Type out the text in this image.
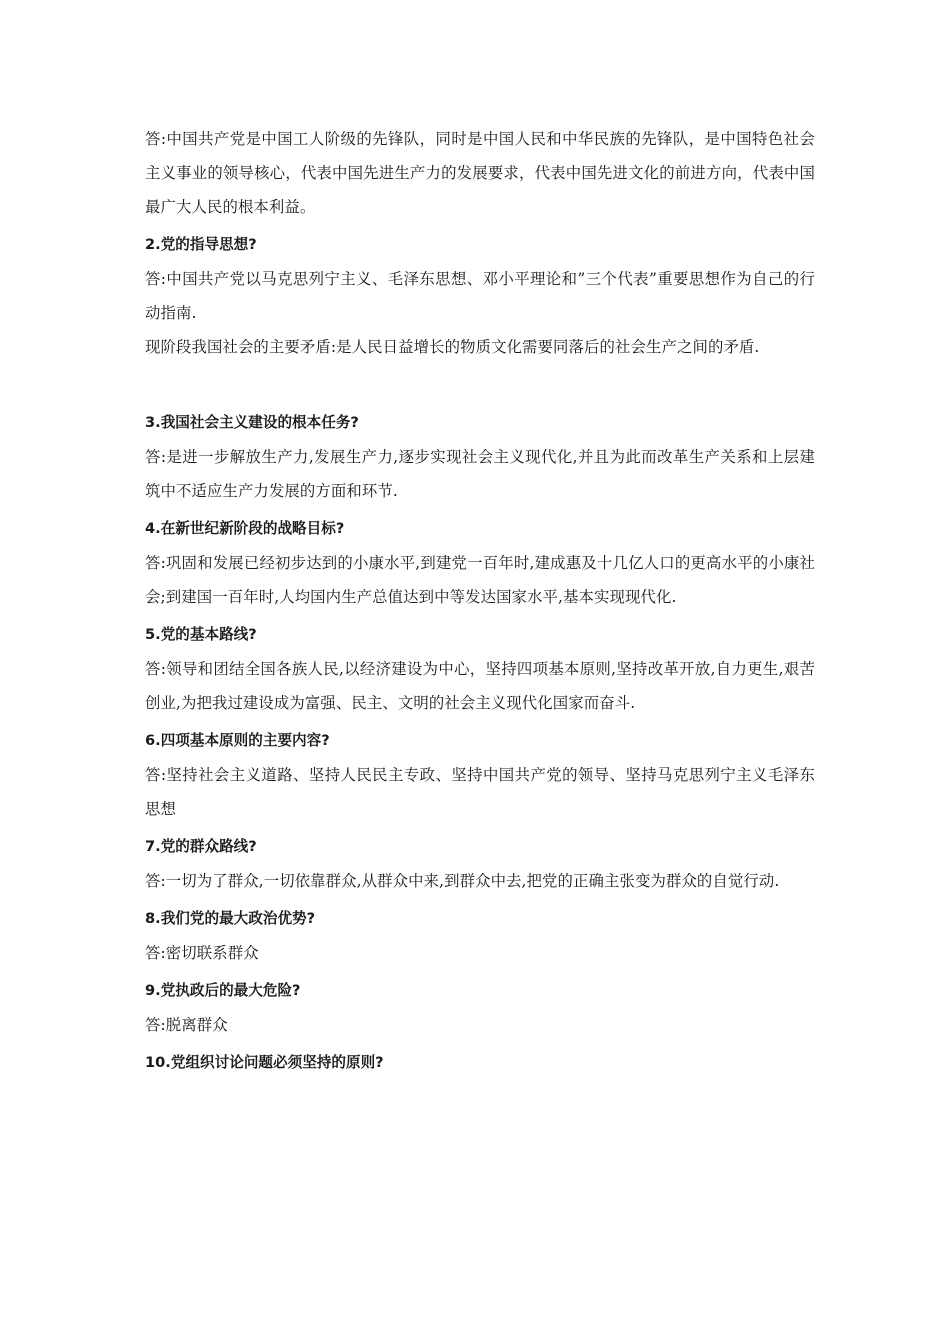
答:中国共产党是中国工人阶级的先锋队，同时是中国人民和中华民族的先锋队，是中国特色社会主义事业的领导核心，代表中国先进生产力的发展要求，代表中国先进文化的前进方向，代表中国最广大人民的根本利益。

2.党的指导思想?

答:中国共产党以马克思列宁主义、毛泽东思想、邓小平理论和”三个代表”重要思想作为自己的行动指南.

现阶段我国社会的主要矛盾:是人民日益增长的物质文化需要同落后的社会生产之间的矛盾.

3.我国社会主义建设的根本任务?

答:是进一步解放生产力,发展生产力,逐步实现社会主义现代化,并且为此而改革生产关系和上层建筑中不适应生产力发展的方面和环节.

4.在新世纪新阶段的战略目标?

答:巩固和发展已经初步达到的小康水平,到建党一百年时,建成惠及十几亿人口的更高水平的小康社会;到建国一百年时,人均国内生产总值达到中等发达国家水平,基本实现现代化.

5.党的基本路线?

答:领导和团结全国各族人民,以经济建设为中心，坚持四项基本原则,坚持改革开放,自力更生,艰苦创业,为把我过建设成为富强、民主、文明的社会主义现代化国家而奋斗.

6.四项基本原则的主要内容?

答:坚持社会主义道路、坚持人民民主专政、坚持中国共产党的领导、坚持马克思列宁主义毛泽东思想

7.党的群众路线?

答:一切为了群众,一切依靠群众,从群众中来,到群众中去,把党的正确主张变为群众的自觉行动.

8.我们党的最大政治优势?

答:密切联系群众

9.党执政后的最大危险?

答:脱离群众

10.党组织讨论问题必须坚持的原则?
